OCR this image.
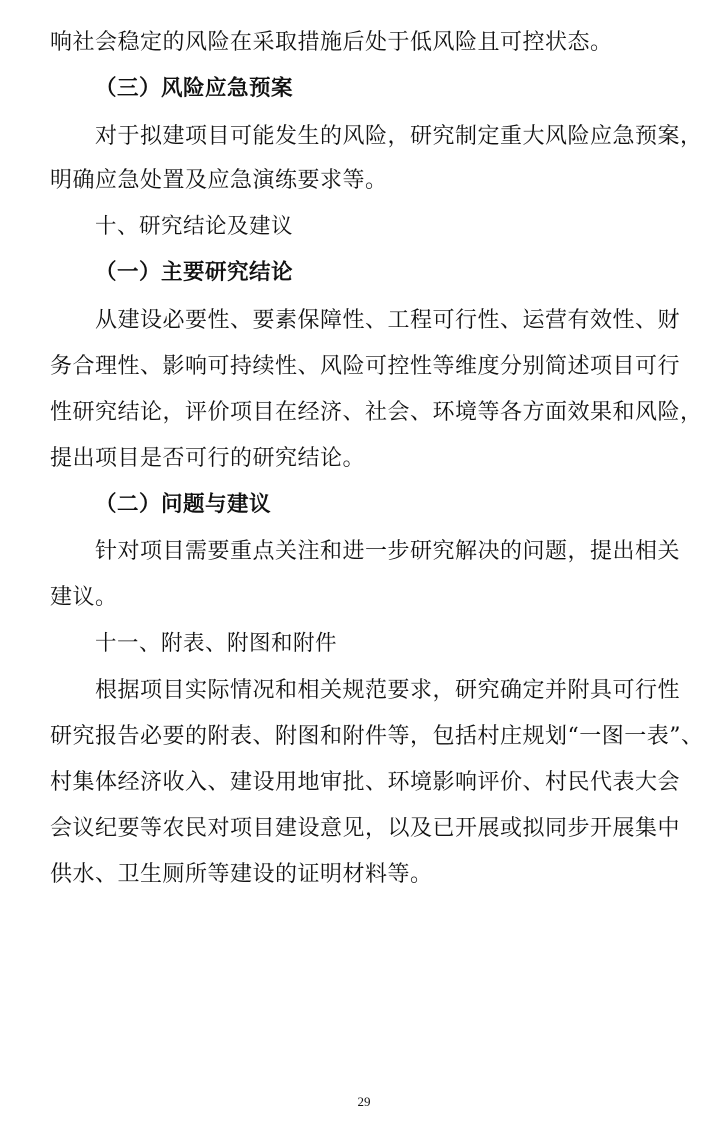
响社会稳定的风险在采取措施后处于低风险且可控状态。
（三）风险应急预案
对于拟建项目可能发生的风险，研究制定重大风险应急预案，
明确应急处置及应急演练要求等。
十、研究结论及建议
（一）主要研究结论
从建设必要性、要素保障性、工程可行性、运营有效性、财
务合理性、影响可持续性、风险可控性等维度分别简述项目可行
性研究结论，评价项目在经济、社会、环境等各方面效果和风险，
提出项目是否可行的研究结论。
（二）问题与建议
针对项目需要重点关注和进一步研究解决的问题，提出相关
建议。
十一、附表、附图和附件
根据项目实际情况和相关规范要求，研究确定并附具可行性
研究报告必要的附表、附图和附件等，包括村庄规划“一图一表”、
村集体经济收入、建设用地审批、环境影响评价、村民代表大会
会议纪要等农民对项目建设意见，以及已开展或拟同步开展集中
供水、卫生厕所等建设的证明材料等。
29
